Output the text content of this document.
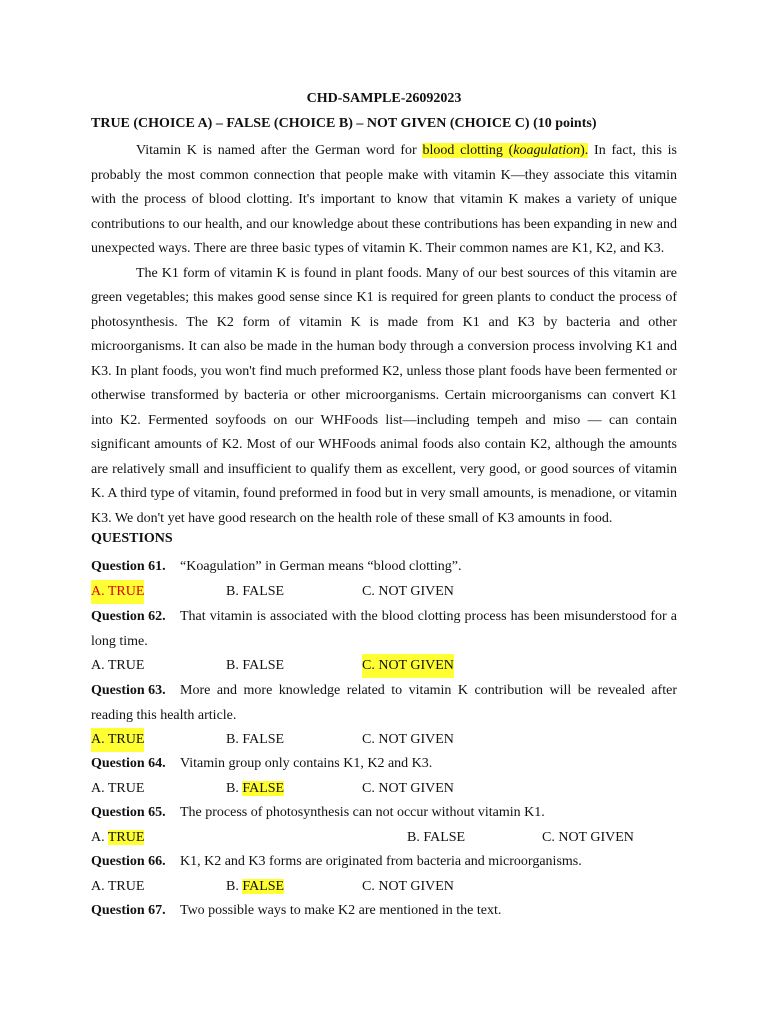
CHD-SAMPLE-26092023
TRUE (CHOICE A) – FALSE (CHOICE B) – NOT GIVEN (CHOICE C) (10 points)

Vitamin K is named after the German word for blood clotting (koagulation). In fact, this is probably the most common connection that people make with vitamin K—they associate this vitamin with the process of blood clotting. It's important to know that vitamin K makes a variety of unique contributions to our health, and our knowledge about these contributions has been expanding in new and unexpected ways. There are three basic types of vitamin K. Their common names are K1, K2, and K3.

The K1 form of vitamin K is found in plant foods. Many of our best sources of this vitamin are green vegetables; this makes good sense since K1 is required for green plants to conduct the process of photosynthesis. The K2 form of vitamin K is made from K1 and K3 by bacteria and other microorganisms. It can also be made in the human body through a conversion process involving K1 and K3. In plant foods, you won't find much preformed K2, unless those plant foods have been fermented or otherwise transformed by bacteria or other microorganisms. Certain microorganisms can convert K1 into K2. Fermented soyfoods on our WHFoods list—including tempeh and miso — can contain significant amounts of K2. Most of our WHFoods animal foods also contain K2, although the amounts are relatively small and insufficient to qualify them as excellent, very good, or good sources of vitamin K. A third type of vitamin, found preformed in food but in very small amounts, is menadione, or vitamin K3. We don't yet have good research on the health role of these small of K3 amounts in food.

QUESTIONS

Question 61. “Koagulation” in German means “blood clotting”.

A. TRUE	B. FALSE	C. NOT GIVEN

Question 62. That vitamin is associated with the blood clotting process has been misunderstood for a long time.

A. TRUE	B. FALSE	C. NOT GIVEN

Question 63. More and more knowledge related to vitamin K contribution will be revealed after reading this health article.

A. TRUE	B. FALSE	C. NOT GIVEN

Question 64. Vitamin group only contains K1, K2 and K3.

A. TRUE	B. FALSE	C. NOT GIVEN

Question 65. The process of photosynthesis can not occur without vitamin K1.

A. TRUE	B. FALSE	C. NOT GIVEN

Question 66. K1, K2 and K3 forms are originated from bacteria and microorganisms.

A. TRUE	B. FALSE	C. NOT GIVEN

Question 67. Two possible ways to make K2 are mentioned in the text.
